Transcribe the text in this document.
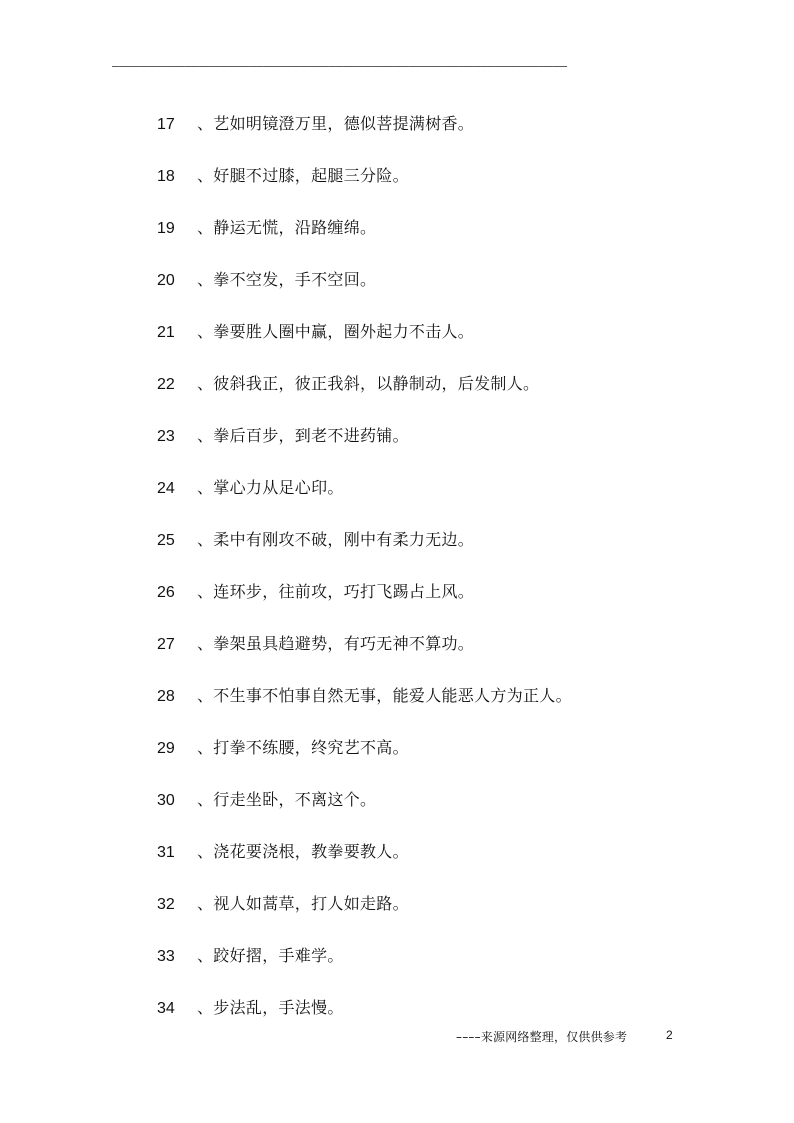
–––––––––––––––––––––––––––––––––––––––––––––––––––––––––––––––
17 、艺如明镜澄万里，德似菩提满树香。
18 、好腿不过膝，起腿三分险。
19 、静运无慌，沿路缠绵。
20 、拳不空发，手不空回。
21 、拳要胜人圈中赢，圈外起力不击人。
22 、彼斜我正，彼正我斜，以静制动，后发制人。
23 、拳后百步，到老不进药铺。
24 、掌心力从足心印。
25 、柔中有刚攻不破，刚中有柔力无边。
26 、连环步，往前攻，巧打飞踢占上风。
27 、拳架虽具趋避势，有巧无神不算功。
28 、不生事不怕事自然无事，能爱人能恶人方为正人。
29 、打拳不练腰，终究艺不高。
30 、行走坐卧，不离这个。
31 、浇花要浇根，教拳要教人。
32 、视人如蒿草，打人如走路。
33 、跤好摺，手难学。
34 、步法乱，手法慢。
––––来源网络整理，仅供供参考	2
